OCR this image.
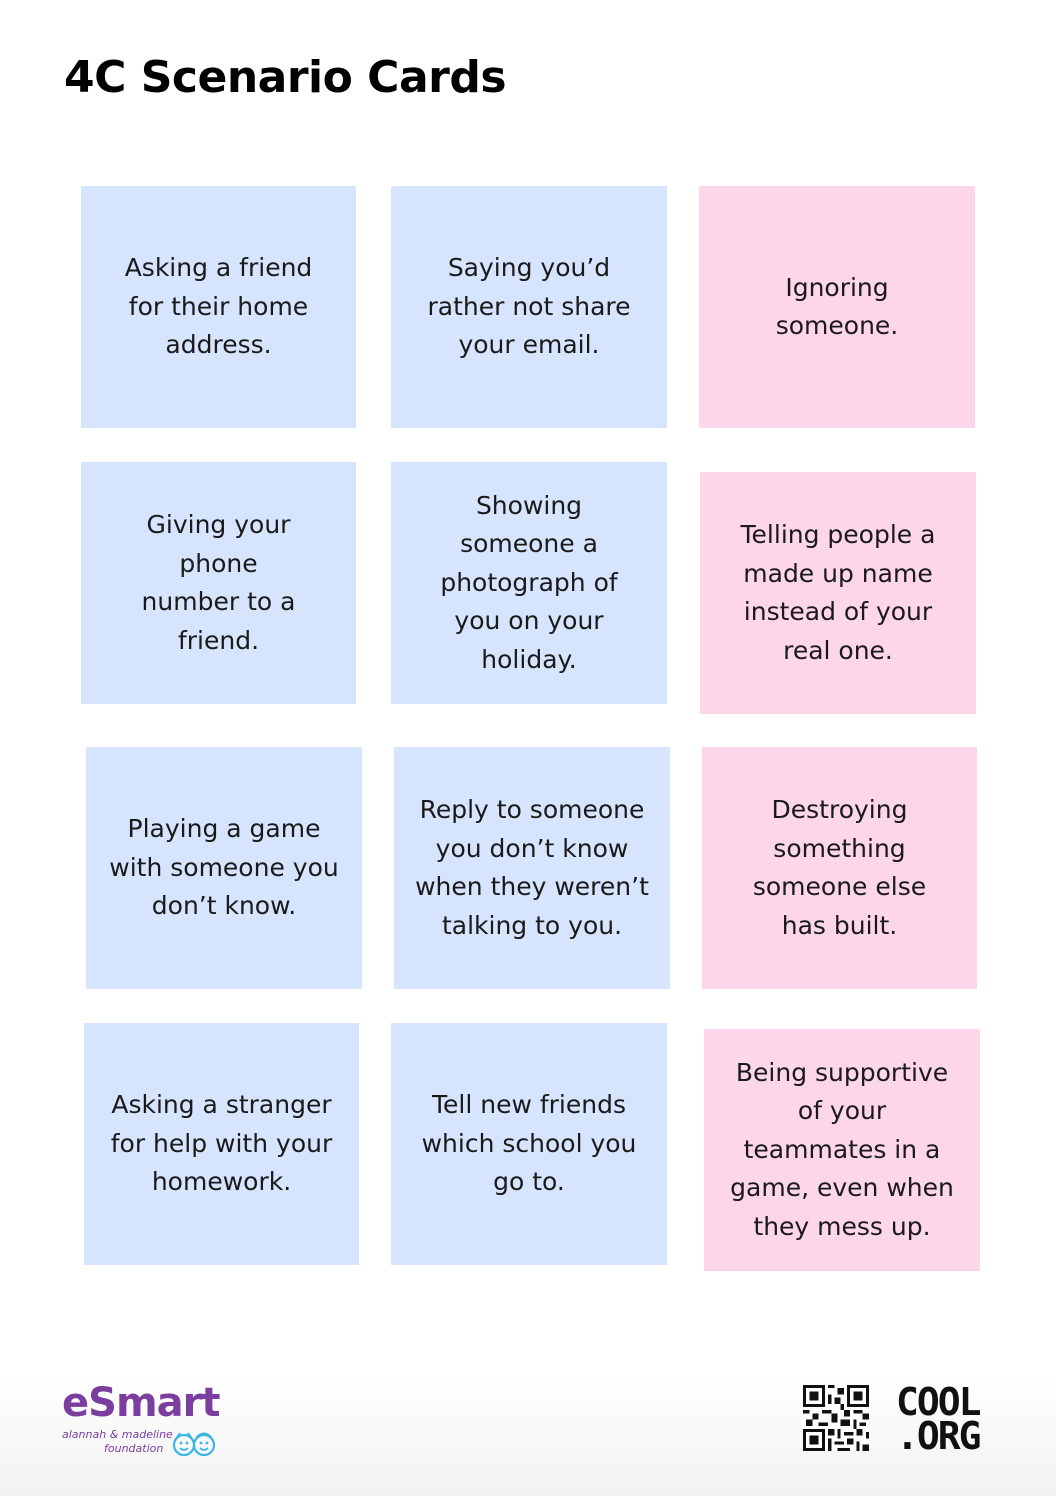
4C Scenario Cards
Asking a friend
for their home
address.
Saying you’d
rather not share
your email.
Ignoring
someone.
Giving your
phone
number to a
friend.
Showing
someone a
photograph of
you on your
holiday.
Telling people a
made up name
instead of your
real one.
Playing a game
with someone you
don’t know.
Reply to someone
you don’t know
when they weren’t
talking to you.
Destroying
something
someone else
has built.
Asking a stranger
for help with your
homework.
Tell new friends
which school you
go to.
Being supportive
of your
teammates in a
game, even when
they mess up.
eSmart
alannah & madeline
foundation
COOL
.ORG
